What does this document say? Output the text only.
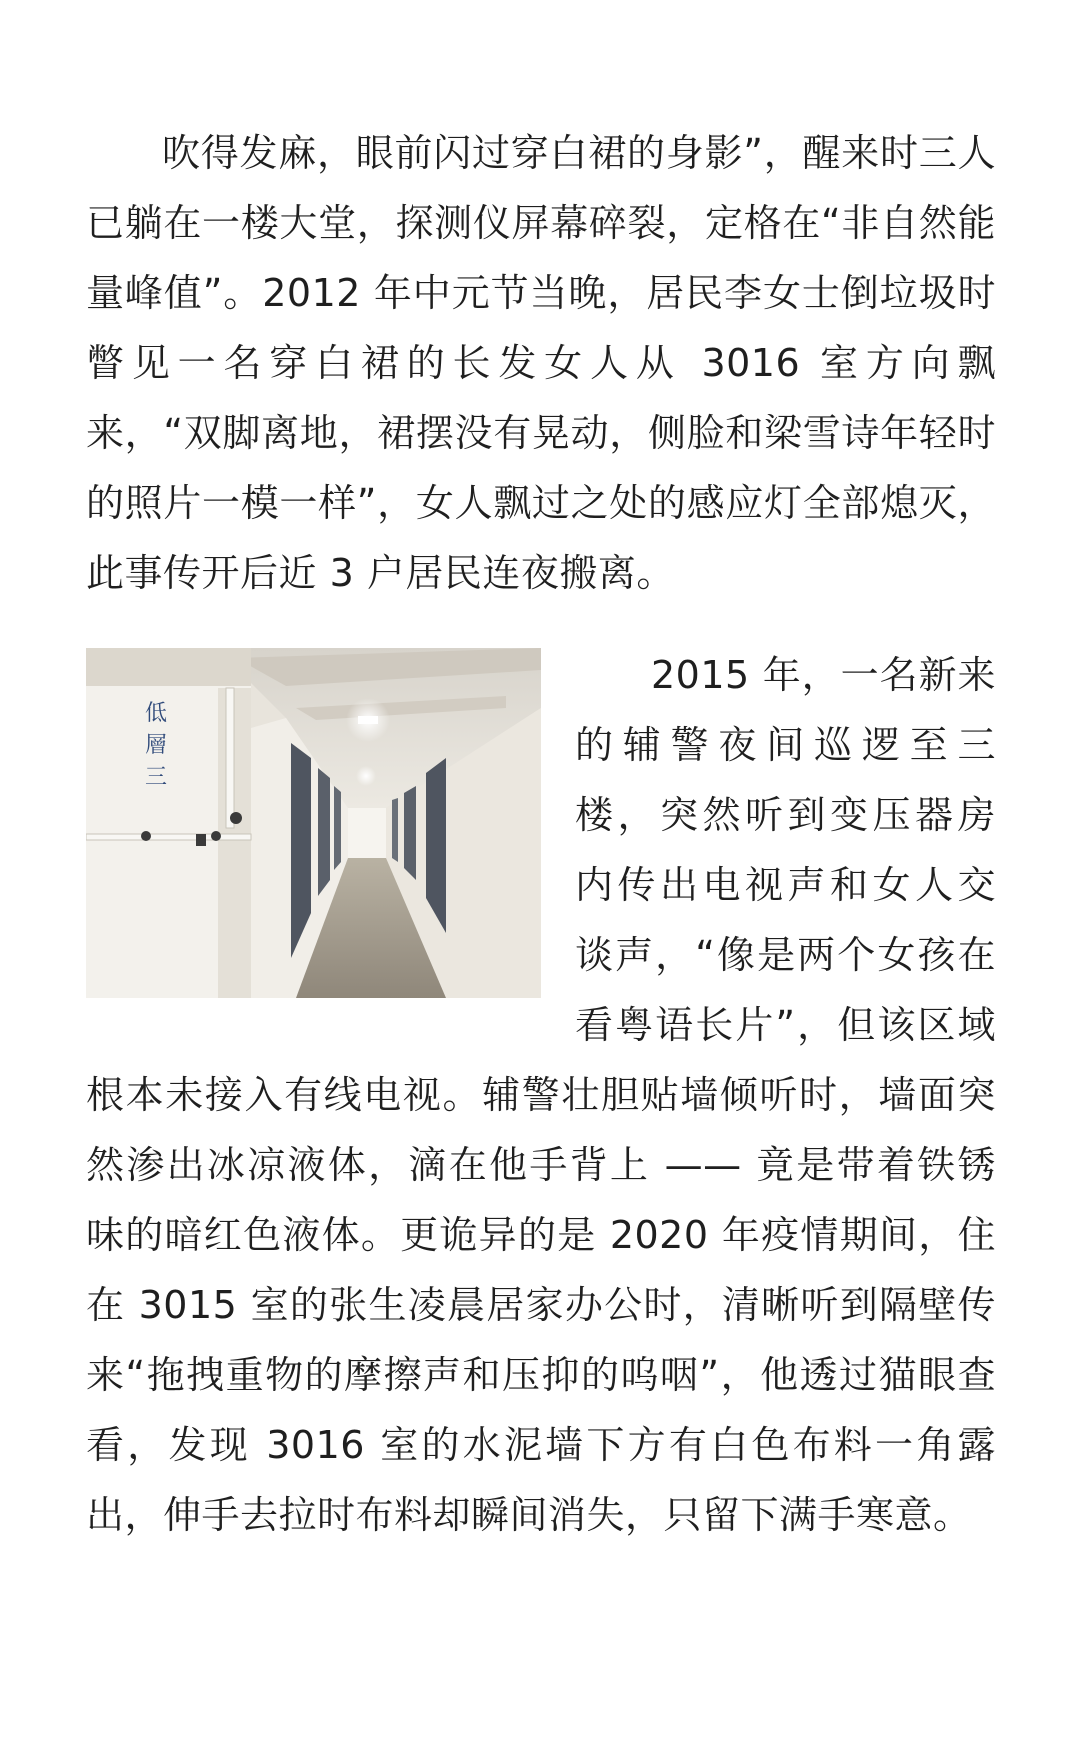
吹得发麻，眼前闪过穿白裙的身影”，醒来时三人已躺在一楼大堂，探测仪屏幕碎裂，定格在“非自然能量峰值”。2012 年中元节当晚，居民李女士倒垃圾时瞥见一名穿白裙的长发女人从 3016 室方向飘来，“双脚离地，裙摆没有晃动，侧脸和梁雪诗年轻时的照片一模一样”，女人飘过之处的感应灯全部熄灭，此事传开后近 3 户居民连夜搬离。

低
層
三

2015 年，一名新来的辅警夜间巡逻至三楼，突然听到变压器房内传出电视声和女人交谈声，“像是两个女孩在看粤语长片”，但该区域根本未接入有线电视。辅警壮胆贴墙倾听时，墙面突然渗出冰凉液体，滴在他手背上 —— 竟是带着铁锈味的暗红色液体。更诡异的是 2020 年疫情期间，住在 3015 室的张生凌晨居家办公时，清晰听到隔壁传来“拖拽重物的摩擦声和压抑的呜咽”，他透过猫眼查看，发现 3016 室的水泥墙下方有白色布料一角露出，伸手去拉时布料却瞬间消失，只留下满手寒意。
